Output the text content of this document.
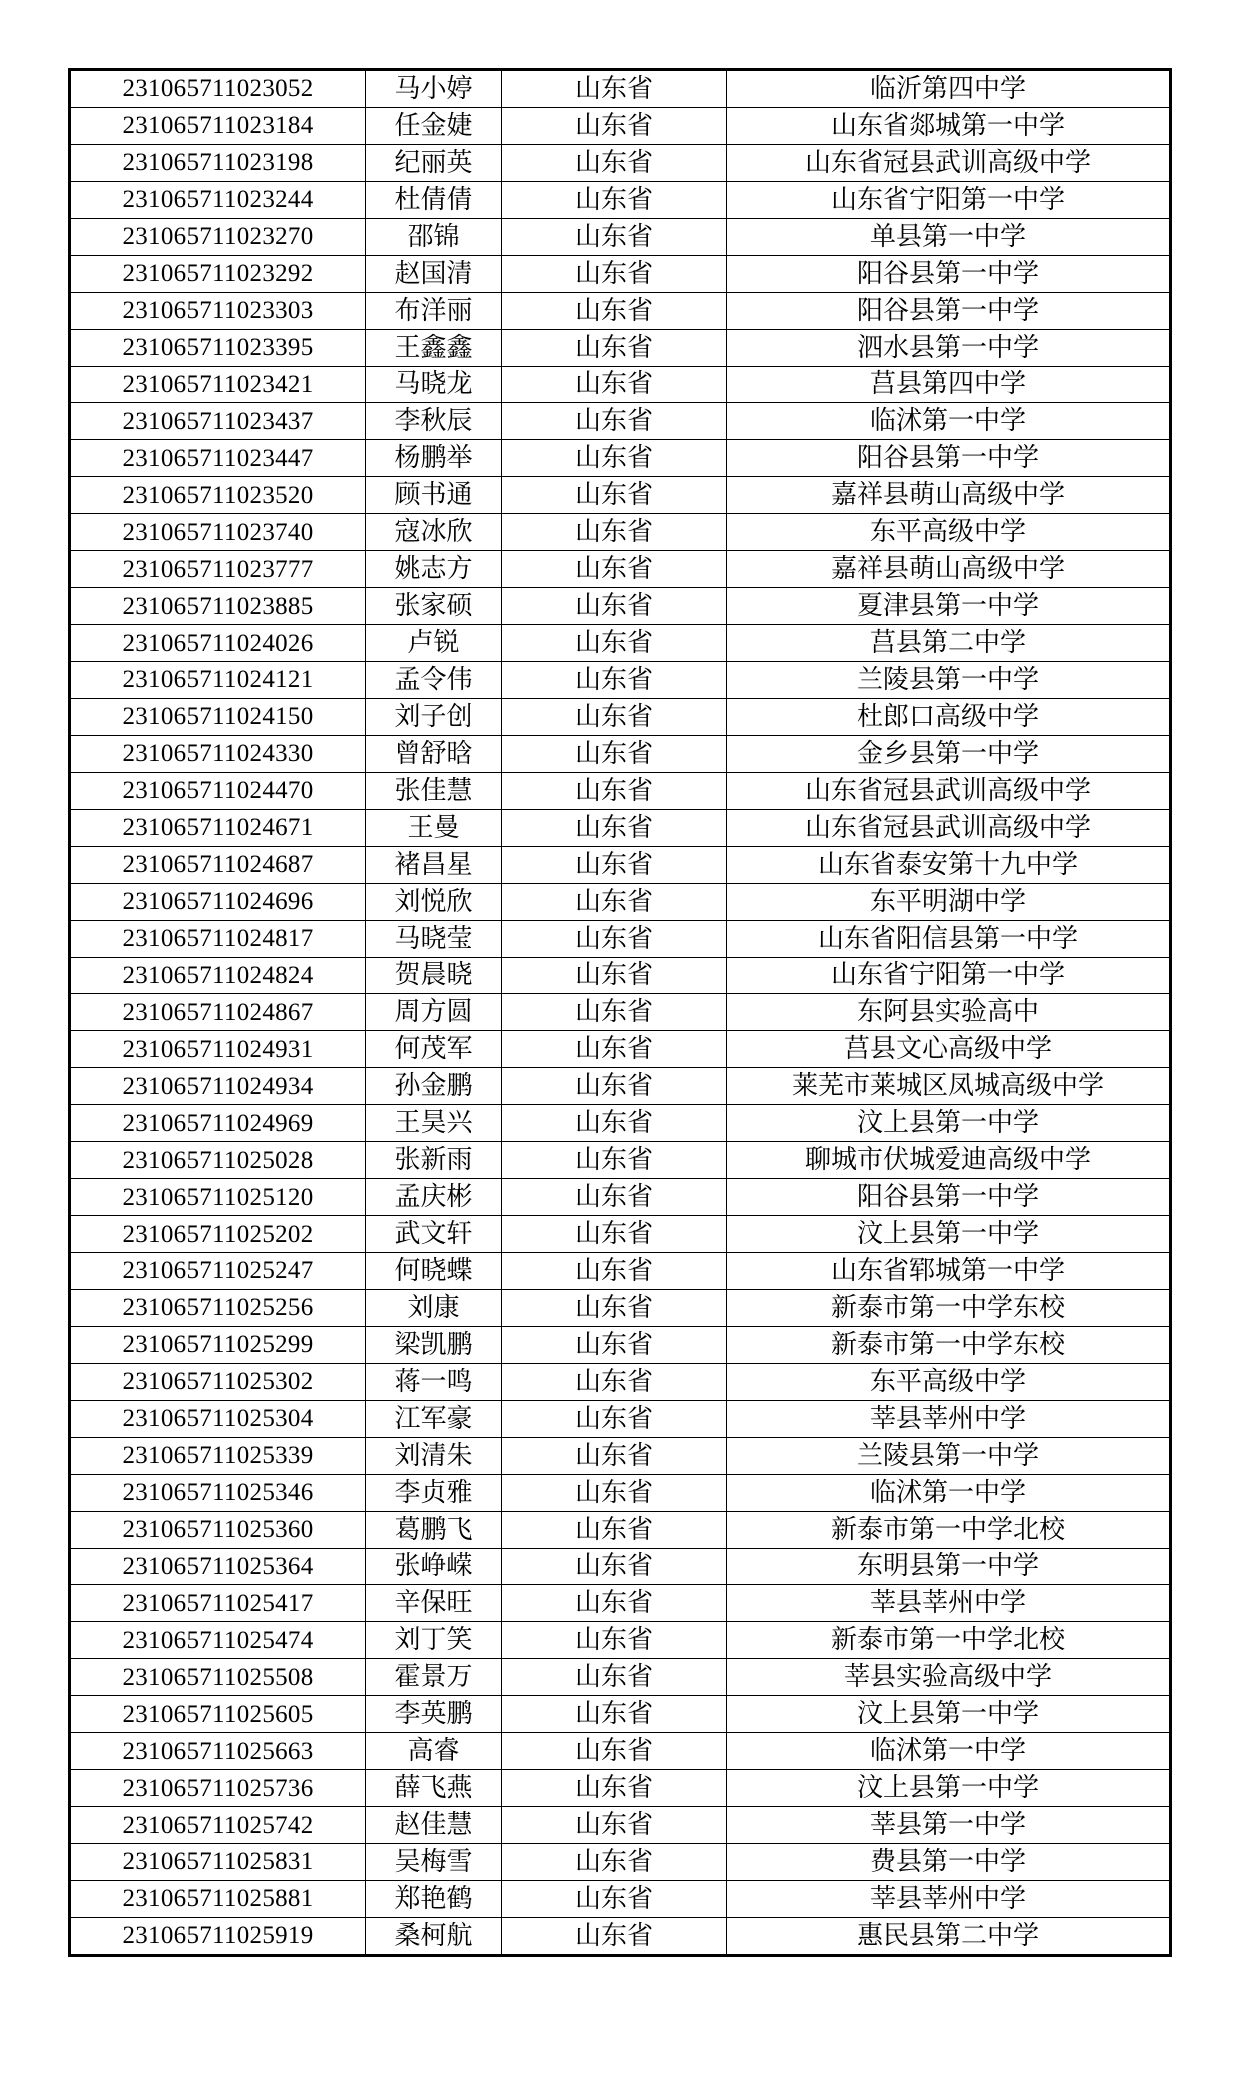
231065711023052	马小婷	山东省	临沂第四中学
231065711023184	任金婕	山东省	山东省郯城第一中学
231065711023198	纪丽英	山东省	山东省冠县武训高级中学
231065711023244	杜倩倩	山东省	山东省宁阳第一中学
231065711023270	邵锦	山东省	单县第一中学
231065711023292	赵国清	山东省	阳谷县第一中学
231065711023303	布洋丽	山东省	阳谷县第一中学
231065711023395	王鑫鑫	山东省	泗水县第一中学
231065711023421	马晓龙	山东省	莒县第四中学
231065711023437	李秋辰	山东省	临沭第一中学
231065711023447	杨鹏举	山东省	阳谷县第一中学
231065711023520	顾书通	山东省	嘉祥县萌山高级中学
231065711023740	寇冰欣	山东省	东平高级中学
231065711023777	姚志方	山东省	嘉祥县萌山高级中学
231065711023885	张家硕	山东省	夏津县第一中学
231065711024026	卢锐	山东省	莒县第二中学
231065711024121	孟令伟	山东省	兰陵县第一中学
231065711024150	刘子创	山东省	杜郎口高级中学
231065711024330	曾舒晗	山东省	金乡县第一中学
231065711024470	张佳慧	山东省	山东省冠县武训高级中学
231065711024671	王曼	山东省	山东省冠县武训高级中学
231065711024687	褚昌星	山东省	山东省泰安第十九中学
231065711024696	刘悦欣	山东省	东平明湖中学
231065711024817	马晓莹	山东省	山东省阳信县第一中学
231065711024824	贺晨晓	山东省	山东省宁阳第一中学
231065711024867	周方圆	山东省	东阿县实验高中
231065711024931	何茂军	山东省	莒县文心高级中学
231065711024934	孙金鹏	山东省	莱芜市莱城区凤城高级中学
231065711024969	王昊兴	山东省	汶上县第一中学
231065711025028	张新雨	山东省	聊城市伏城爱迪高级中学
231065711025120	孟庆彬	山东省	阳谷县第一中学
231065711025202	武文轩	山东省	汶上县第一中学
231065711025247	何晓蝶	山东省	山东省郓城第一中学
231065711025256	刘康	山东省	新泰市第一中学东校
231065711025299	梁凯鹏	山东省	新泰市第一中学东校
231065711025302	蒋一鸣	山东省	东平高级中学
231065711025304	江军豪	山东省	莘县莘州中学
231065711025339	刘清朱	山东省	兰陵县第一中学
231065711025346	李贞雅	山东省	临沭第一中学
231065711025360	葛鹏飞	山东省	新泰市第一中学北校
231065711025364	张峥嵘	山东省	东明县第一中学
231065711025417	辛保旺	山东省	莘县莘州中学
231065711025474	刘丁笑	山东省	新泰市第一中学北校
231065711025508	霍景万	山东省	莘县实验高级中学
231065711025605	李英鹏	山东省	汶上县第一中学
231065711025663	高睿	山东省	临沭第一中学
231065711025736	薛飞燕	山东省	汶上县第一中学
231065711025742	赵佳慧	山东省	莘县第一中学
231065711025831	吴梅雪	山东省	费县第一中学
231065711025881	郑艳鹤	山东省	莘县莘州中学
231065711025919	桑柯航	山东省	惠民县第二中学
